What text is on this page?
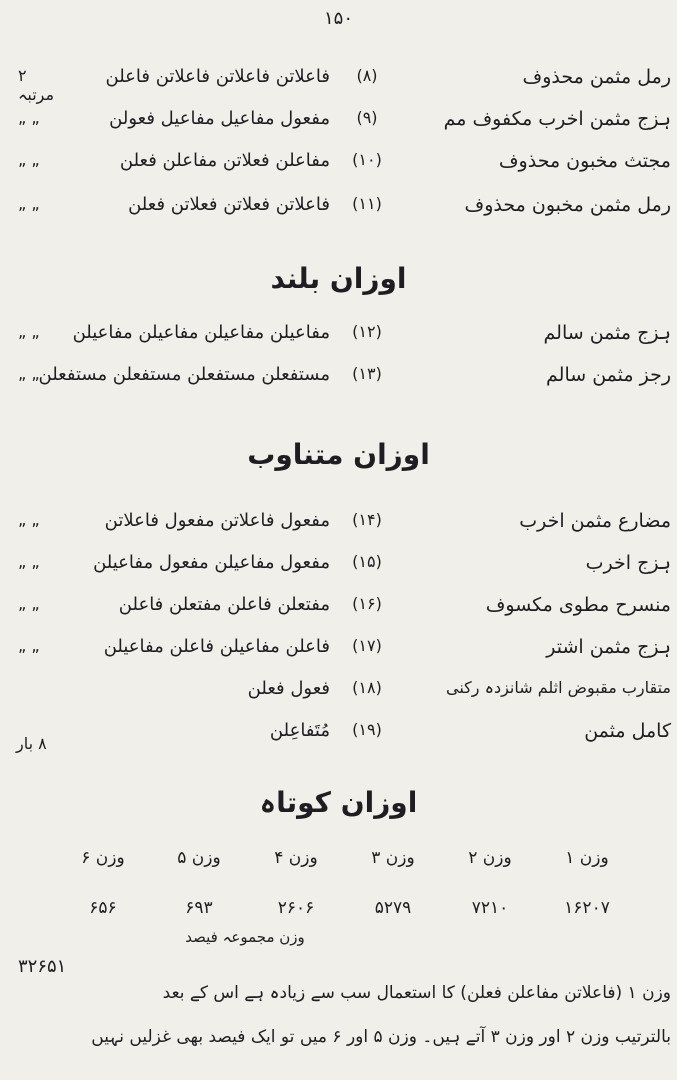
۱۵۰
رمل مثمن محذوف
(۸)
فاعلاتن فاعلاتن فاعلاتن فاعلن
۲ مرتبہ
ہزج مثمن اخرب مکفوف مم
(۹)
مفعول مفاعیل مفاعیل فعولن
„ „
مجتث مخبون محذوف
(۱۰)
مفاعلن فعلاتن مفاعلن فعلن
„ „
رمل مثمن مخبون محذوف
(۱۱)
فاعلاتن فعلاتن فعلاتن فعلن
„ „
اوزان بلند
ہزج مثمن سالم
(۱۲)
مفاعیلن مفاعیلن مفاعیلن مفاعیلن
„ „
رجز مثمن سالم
(۱۳)
مستفعلن مستفعلن مستفعلن مستفعلن
„ „
اوزان متناوب
مضارع مثمن اخرب
(۱۴)
مفعول فاعلاتن مفعول فاعلاتن
„ „
ہزج اخرب
(۱۵)
مفعول مفاعیلن مفعول مفاعیلن
„ „
منسرح مطوی مکسوف
(۱۶)
مفتعلن فاعلن مفتعلن فاعلن
„ „
ہزج مثمن اشتر
(۱۷)
فاعلن مفاعیلن فاعلن مفاعیلن
„ „
متقارب مقبوض اثلم شانزدہ رکنی
(۱۸)
فعول فعلن
کامل مثمن
(۱۹)
مُتَفاعِلن
۸ بار
اوزان کوتاہ
وزن ۱
وزن ۲
وزن ۳
وزن ۴
وزن ۵
وزن ۶
۱۶۲۰۷
۷۲۱۰
۵۲۷۹
۲۶۰۶
۶۹۳
۶۵۶
وزن مجموعہ فیصد
۳۲۶۵۱
وزن ۱ (فاعلاتن مفاعلن فعلن) کا استعمال سب سے زیادہ ہے اس کے بعد
بالترتیب وزن ۲ اور وزن ۳ آتے ہیں۔ وزن ۵ اور ۶ میں تو ایک فیصد بھی غزلیں نہیں
